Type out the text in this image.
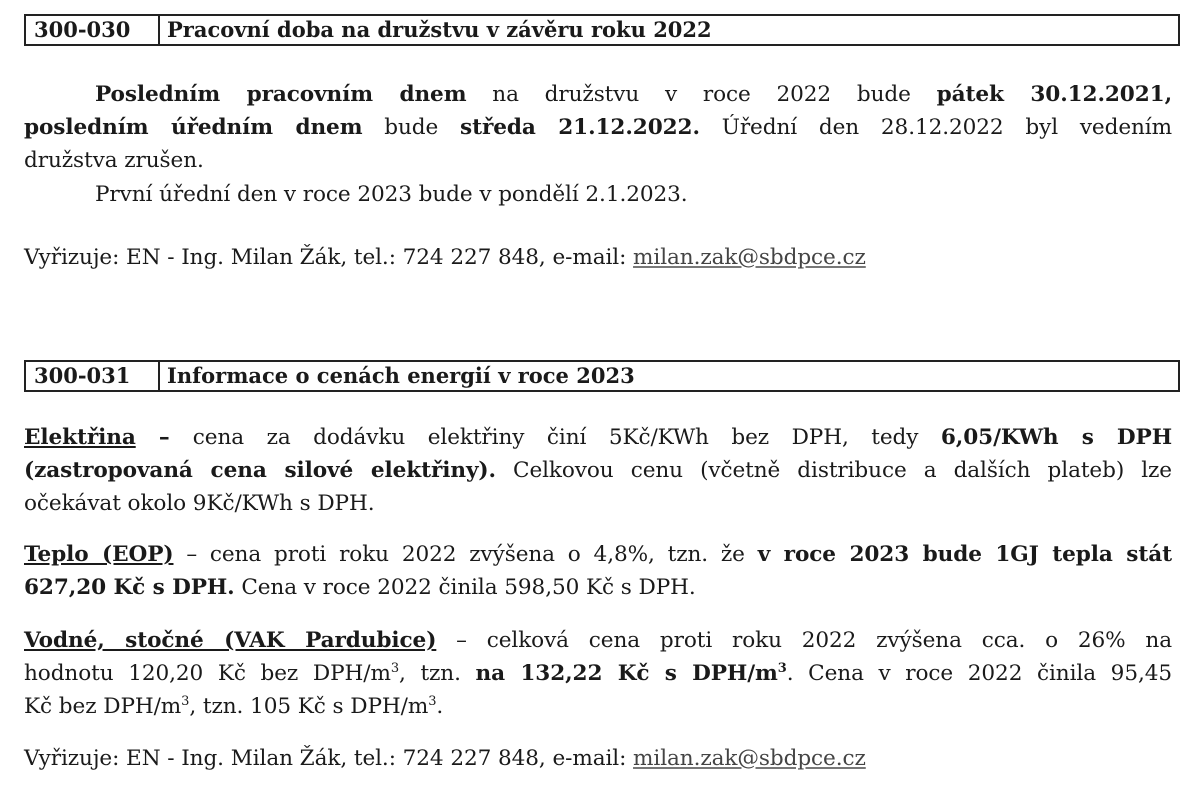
300-030	Pracovní doba na družstvu v závěru roku 2022
Posledním pracovním dnem na družstvu v roce 2022 bude pátek 30.12.2021,
posledním úředním dnem bude středa 21.12.2022. Úřední den 28.12.2022 byl vedením
družstva zrušen.
První úřední den v roce 2023 bude v pondělí 2.1.2023.
Vyřizuje: EN - Ing. Milan Žák, tel.: 724 227 848, e-mail: milan.zak@sbdpce.cz
300-031	Informace o cenách energií v roce 2023
Elektřina – cena za dodávku elektřiny činí 5Kč/KWh bez DPH, tedy 6,05/KWh s DPH
(zastropovaná cena silové elektřiny). Celkovou cenu (včetně distribuce a dalších plateb) lze
očekávat okolo 9Kč/KWh s DPH.
Teplo (EOP) – cena proti roku 2022 zvýšena o 4,8%, tzn. že v roce 2023 bude 1GJ tepla stát
627,20 Kč s DPH. Cena v roce 2022 činila 598,50 Kč s DPH.
Vodné, stočné (VAK Pardubice) – celková cena proti roku 2022 zvýšena cca. o 26% na
hodnotu 120,20 Kč bez DPH/$m^3$, tzn. na 132,22 Kč s DPH/$m^3$. Cena v roce 2022 činila 95,45
Kč bez DPH/$m^3$, tzn. 105 Kč s DPH/$m^3$.
Vyřizuje: EN - Ing. Milan Žák, tel.: 724 227 848, e-mail: milan.zak@sbdpce.cz
